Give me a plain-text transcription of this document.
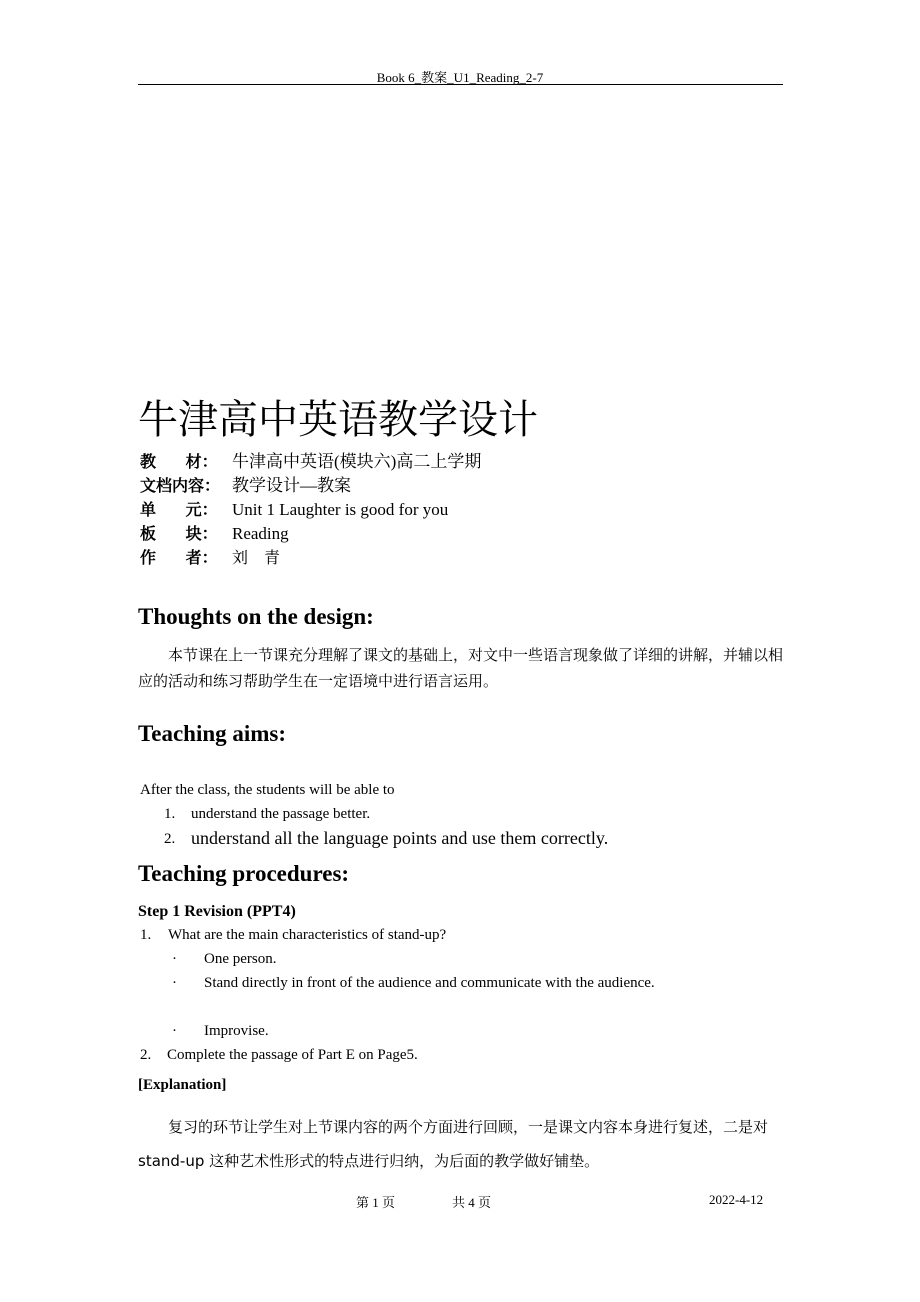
Book 6_教案_U1_Reading_2-7
牛津高中英语教学设计
教 材： 牛津高中英语(模块六)高二上学期
文档内容： 教学设计—教案
单 元： Unit 1 Laughter is good for you
板 块： Reading
作 者： 刘　青
Thoughts on the design:
本节课在上一节课充分理解了课文的基础上，对文中一些语言现象做了详细的讲解，并辅以相应的活动和练习帮助学生在一定语境中进行语言运用。
Teaching aims:
After the class, the students will be able to
1. understand the passage better.
2. understand all the language points and use them correctly.
Teaching procedures:
Step 1 Revision (PPT4)
1. What are the main characteristics of stand-up?
· One person.
· Stand directly in front of the audience and communicate with the audience.
· Improvise.
2. Complete the passage of Part E on Page5.
[Explanation]
复习的环节让学生对上节课内容的两个方面进行回顾，一是课文内容本身进行复述，二是对 stand-up 这种艺术性形式的特点进行归纳，为后面的教学做好铺垫。
第 1 页	共 4 页	2022-4-12
